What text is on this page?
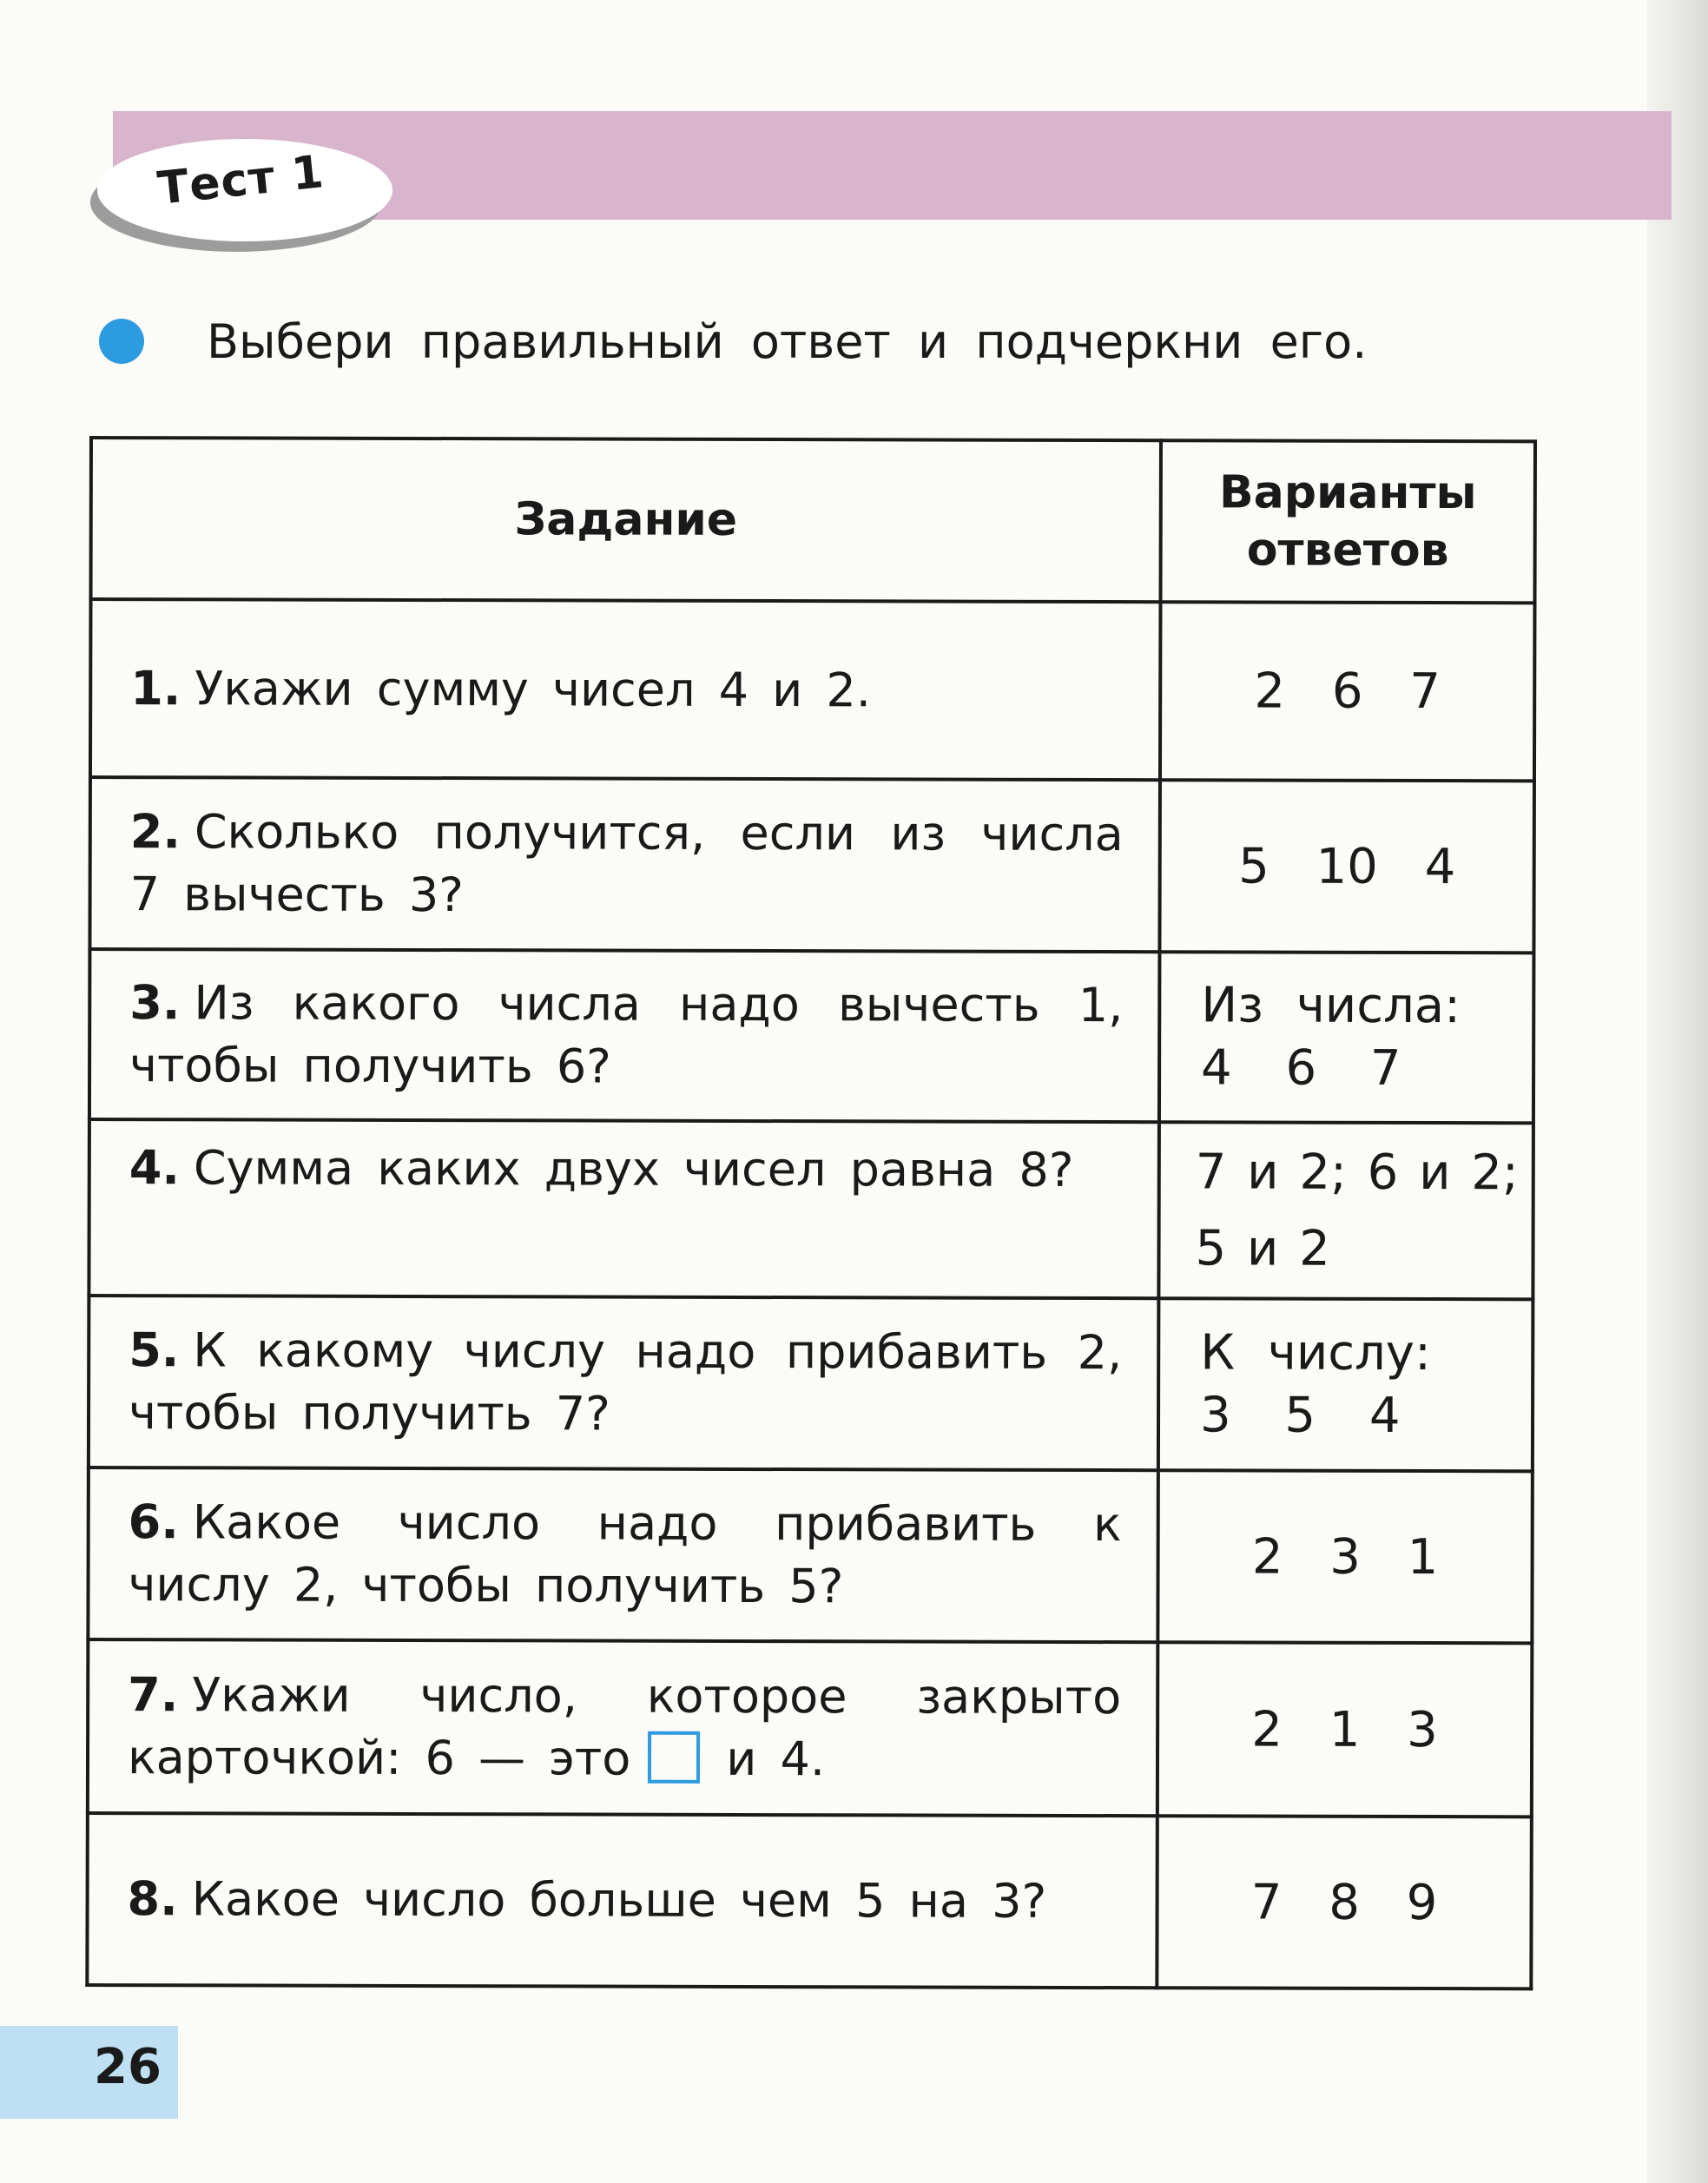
Тест 1
Выбери правильный ответ и подчеркни его.
Задание	Варианты
ответов

1. Укажи сумму чисел 4 и 2.	2 6 7
2. Сколько получится, если из числа 7 вычесть 3?	5 10 4
3. Из какого числа надо вычесть 1, чтобы получить 6?	Из числа:
4 6 7

4. Сумма каких двух чисел равна 8?	7 и 2; 6 и 2;
5 и 2

5. К какому числу надо прибавить 2, чтобы получить 7?	К числу:
3 5 4

6. Какое число надо прибавить к числу 2, чтобы получить 5?	2 3 1
7. Укажи число, которое закрыто карточкой: 6 — это и 4.	2 1 3
8. Какое число больше чем 5 на 3?	7 8 9
26
